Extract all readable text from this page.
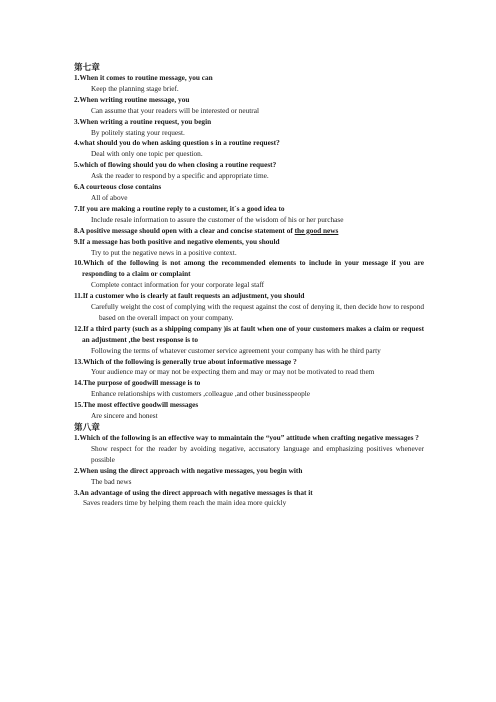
第七章

1.When it comes to routine message, you can

Keep the planning stage brief.

2.When writing routine message, you

Can assume that your readers will be interested or neutral

3.When writing a routine request, you begin

By politely stating your request.

4.what should you do when asking question s in a routine request?

Deal with only one topic per question.

5.which of flowing should you do when closing a routine request?

Ask the reader to respond by a specific and appropriate time.

6.A courteous close contains

All of above

7.If you are making a routine reply to a customer, it`s a good idea to

Include resale information to assure the customer of the wisdom of his or her purchase

8.A positive message should open with a clear and concise statement of the good news

9.If a message has both positive and negative elements, you should

Try to put the negative news in a positive context.

10.Which of the following is not among the recommended elements to include in your message if you are responding to a claim or complaint

Complete contact information for your corporate legal staff

11.If a customer who is clearly at fault requests an adjustment, you should

Carefully weight the cost of complying with the request against the cost of denying it, then decide how to respond based on the overall impact on your company.

12.If a third party (such as a shipping company )is at fault when one of your customers makes a claim or request an adjustment ,the best response is to

Following the terms of whatever customer service agreement your company has with he third party

13.Which of the following is generally true about informative message ?

Your audience may or may not be expecting them and may or may not be motivated to read them

14.The purpose of goodwill message is to

Enhance relationships with customers ,colleague ,and other businesspeople

15.The most effective goodwill messages

Are sincere and honest

第八章

1.Which of the following is an effective way to mmaintain the “you” attitude when crafting negative messages ?

Show respect for the reader by avoiding negative, accusatory language and emphasizing positives whenever possible

2.When using the direct approach with negative messages, you begin with

The bad news

3.An advantage of using the direct approach with negative messages is that it

Saves readers time by helping them reach the main idea more quickly
